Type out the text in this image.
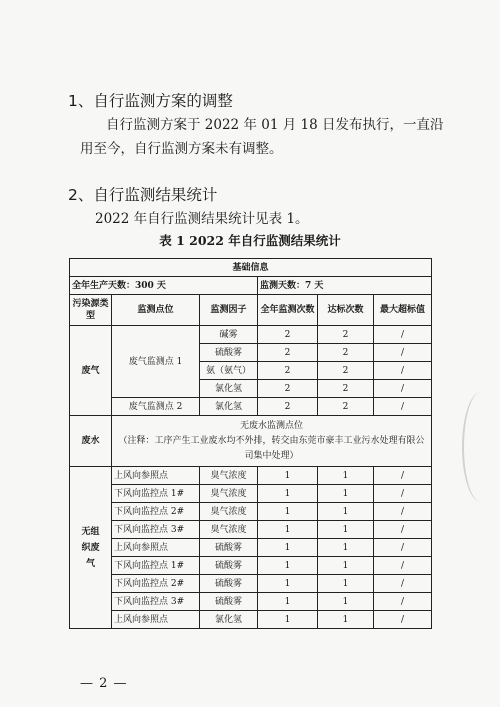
1、自行监测方案的调整
自行监测方案于 2022 年 01 月 18 日发布执行，一直沿用至今，自行监测方案未有调整。
2、自行监测结果统计
2022 年自行监测结果统计见表 1。
表 1 2022 年自行监测结果统计
基础信息					
全年生产天数：300 天			监测天数：7 天		
污染源类型	监测点位	监测因子	全年监测次数	达标次数	最大超标值
废气	废气监测点 1	碱雾	2	2	/
		硫酸雾	2	2	/
		氨（氨气）	2	2	/
		氯化氢	2	2	/
	废气监测点 2	氯化氢	2	2	/
废水	无废水监测点位
（注释：工序产生工业废水均不外排，转交由东莞市豪丰工业污水处理有限公司集中处理）				

无组织废气	上风向参照点	臭气浓度	1	1	/
	下风向监控点 1#	臭气浓度	1	1	/
	下风向监控点 2#	臭气浓度	1	1	/
	下风向监控点 3#	臭气浓度	1	1	/
	上风向参照点	硫酸雾	1	1	/
	下风向监控点 1#	硫酸雾	1	1	/
	下风向监控点 2#	硫酸雾	1	1	/
	下风向监控点 3#	硫酸雾	1	1	/
	上风向参照点	氯化氢	1	1	/
— 2 —
